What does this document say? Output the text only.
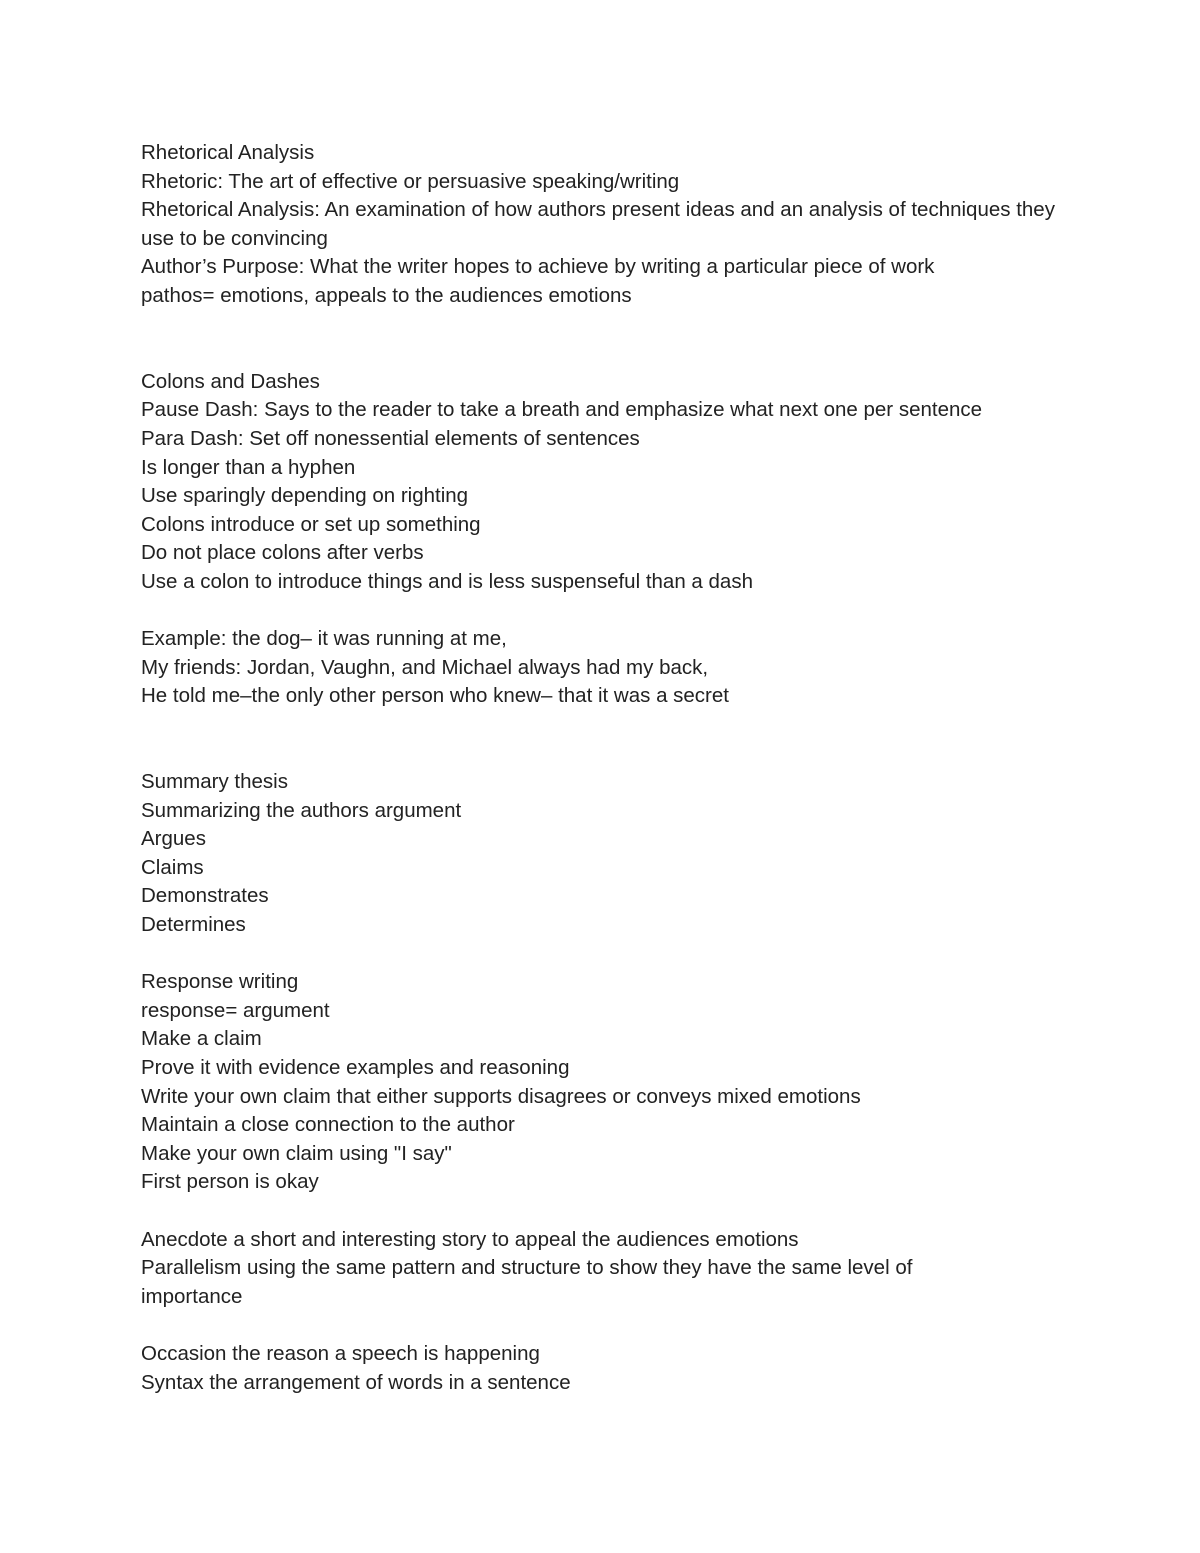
Rhetorical Analysis
Rhetoric: The art of effective or persuasive speaking/writing
Rhetorical Analysis: An examination of how authors present ideas and an analysis of techniques they use to be convincing
Author’s Purpose: What the writer hopes to achieve by writing a particular piece of work
pathos= emotions, appeals to the audiences emotions
Colons and Dashes
Pause Dash: Says to the reader to take a breath and emphasize what next one per sentence
Para Dash: Set off nonessential elements of sentences
Is longer than a hyphen
Use sparingly depending on righting
Colons introduce or set up something
Do not place colons after verbs
Use a colon to introduce things and is less suspenseful than a dash
Example: the dog– it was running at me,
My friends: Jordan, Vaughn, and Michael always had my back,
He told me–the only other person who knew– that it was a secret
Summary thesis
Summarizing the authors argument
Argues
Claims
Demonstrates
Determines
Response writing
response= argument
Make a claim
Prove it with evidence examples and reasoning
Write your own claim that either supports disagrees or conveys mixed emotions
Maintain a close connection to the author
Make your own claim using "I say"
First person is okay
Anecdote a short and interesting story to appeal the audiences emotions
Parallelism using the same pattern and structure to show they have the same level of importance
Occasion the reason a speech is happening
Syntax the arrangement of words in a sentence
